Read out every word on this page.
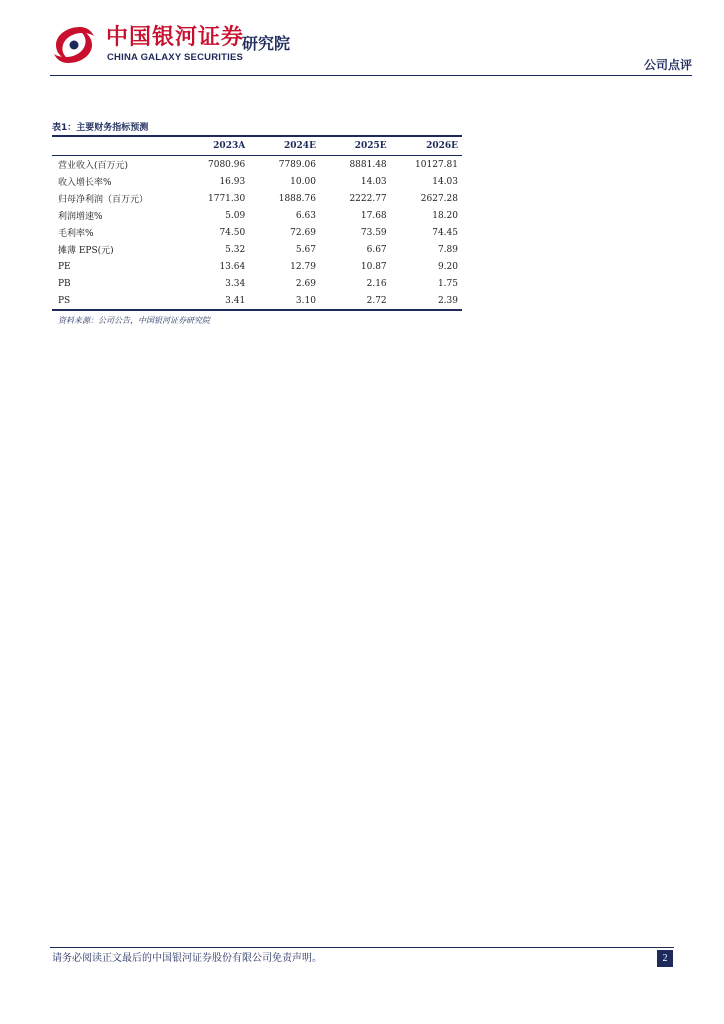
中国银河证券
CHINA GALAXY SECURITIES
研究院
公司点评
表1：主要财务指标预测
	2023A	2024E	2025E	2026E
营业收入(百万元)	7080.96	7789.06	8881.48	10127.81
收入增长率%	16.93	10.00	14.03	14.03
归母净利润（百万元）	1771.30	1888.76	2222.77	2627.28
利润增速%	5.09	6.63	17.68	18.20
毛利率%	74.50	72.69	73.59	74.45
摊薄 EPS(元)	5.32	5.67	6.67	7.89
PE	13.64	12.79	10.87	9.20
PB	3.34	2.69	2.16	1.75
PS	3.41	3.10	2.72	2.39
资料来源：公司公告，中国银河证券研究院
请务必阅读正文最后的中国银河证券股份有限公司免责声明。	2
